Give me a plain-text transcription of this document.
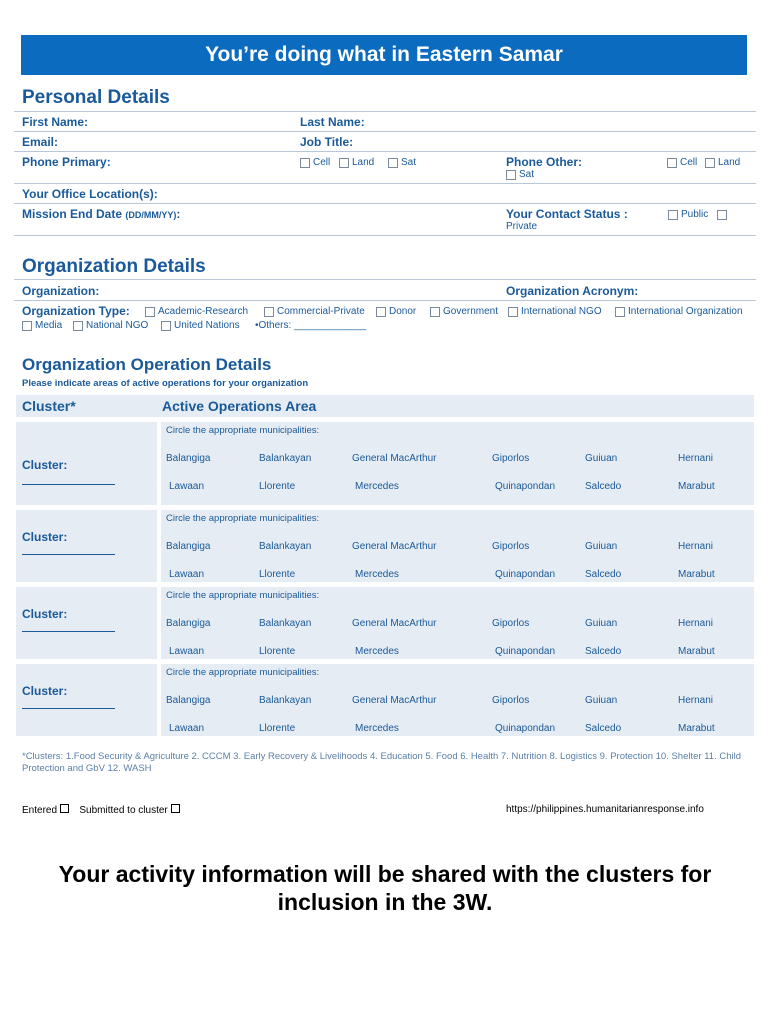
You’re doing what in Eastern Samar
Personal Details
First Name:	Last Name:
Email:	Job Title:
Phone Primary:	Cell Land	Sat	Phone Other:	Cell Land
Sat
Your Office Location(s):
Mission End Date (DD/MM/YY):	Your Contact Status :	Public
Private
Organization Details
Organization:	Organization Acronym:
Organization Type:	Academic-Research	Commercial-Private Donor	Government International NGO	International Organization
Media National NGO	United Nations •Others: _____________
Organization Operation Details
Please indicate areas of active operations for your organization
Cluster*	Active Operations Area
Cluster:
Circle the appropriate municipalities:
Balangiga	Balankayan	General MacArthur	Giporlos	Guiuan	Hernani
Lawaan	Llorente	Mercedes	Quinapondan	Salcedo	Marabut
Cluster:
Circle the appropriate municipalities:
Balangiga	Balankayan	General MacArthur	Giporlos	Guiuan	Hernani
Lawaan	Llorente	Mercedes	Quinapondan	Salcedo	Marabut
Cluster:
Circle the appropriate municipalities:
Balangiga	Balankayan	General MacArthur	Giporlos	Guiuan	Hernani
Lawaan	Llorente	Mercedes	Quinapondan	Salcedo	Marabut
Cluster:
Circle the appropriate municipalities:
Balangiga	Balankayan	General MacArthur	Giporlos	Guiuan	Hernani
Lawaan	Llorente	Mercedes	Quinapondan	Salcedo	Marabut
*Clusters: 1.Food Security & Agriculture 2. CCCM 3. Early Recovery & Livelihoods 4. Education 5. Food 6. Health 7. Nutrition 8. Logistics 9. Protection 10. Shelter 11. Child Protection and GbV 12. WASH
Entered Submitted to cluster	https://philippines.humanitarianresponse.info
Your activity information will be shared with the clusters for inclusion in the 3W.
